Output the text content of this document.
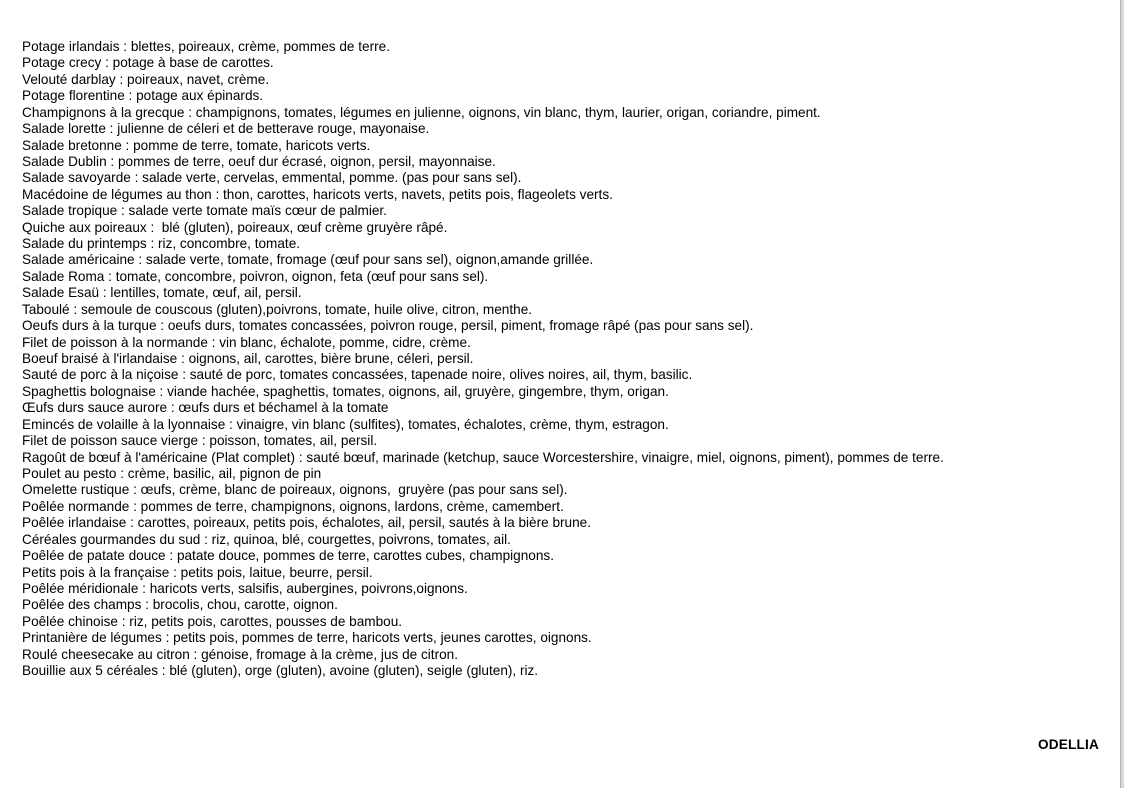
Potage irlandais : blettes, poireaux, crème, pommes de terre.
Potage crecy : potage à base de carottes.
Velouté darblay : poireaux, navet, crème.
Potage florentine : potage aux épinards.
Champignons à la grecque : champignons, tomates, légumes en julienne, oignons, vin blanc, thym, laurier, origan, coriandre, piment.
Salade lorette : julienne de céleri et de betterave rouge, mayonaise.
Salade bretonne : pomme de terre, tomate, haricots verts.
Salade Dublin : pommes de terre, oeuf dur écrasé, oignon, persil, mayonnaise.
Salade savoyarde : salade verte, cervelas, emmental, pomme. (pas pour sans sel).
Macédoine de légumes au thon : thon, carottes, haricots verts, navets, petits pois, flageolets verts.
Salade tropique : salade verte tomate maïs cœur de palmier.
Quiche aux poireaux :  blé (gluten), poireaux, œuf crème gruyère râpé.
Salade du printemps : riz, concombre, tomate.
Salade américaine : salade verte, tomate, fromage (œuf pour sans sel), oignon,amande grillée.
Salade Roma : tomate, concombre, poivron, oignon, feta (œuf pour sans sel).
Salade Esaü : lentilles, tomate, œuf, ail, persil.
Taboulé : semoule de couscous (gluten),poivrons, tomate, huile olive, citron, menthe.
Oeufs durs à la turque : oeufs durs, tomates concassées, poivron rouge, persil, piment, fromage râpé (pas pour sans sel).
Filet de poisson à la normande : vin blanc, échalote, pomme, cidre, crème.
Boeuf braisé à l'irlandaise : oignons, ail, carottes, bière brune, céleri, persil.
Sauté de porc à la niçoise : sauté de porc, tomates concassées, tapenade noire, olives noires, ail, thym, basilic.
Spaghettis bolognaise : viande hachée, spaghettis, tomates, oignons, ail, gruyère, gingembre, thym, origan.
Œufs durs sauce aurore : œufs durs et béchamel à la tomate
Emincés de volaille à la lyonnaise : vinaigre, vin blanc (sulfites), tomates, échalotes, crème, thym, estragon.
Filet de poisson sauce vierge : poisson, tomates, ail, persil.
Ragoût de bœuf à l'américaine (Plat complet) : sauté bœuf, marinade (ketchup, sauce Worcestershire, vinaigre, miel, oignons, piment), pommes de terre.
Poulet au pesto : crème, basilic, ail, pignon de pin
Omelette rustique : œufs, crème, blanc de poireaux, oignons,  gruyère (pas pour sans sel).
Poêlée normande : pommes de terre, champignons, oignons, lardons, crème, camembert.
Poêlée irlandaise : carottes, poireaux, petits pois, échalotes, ail, persil, sautés à la bière brune.
Céréales gourmandes du sud : riz, quinoa, blé, courgettes, poivrons, tomates, ail.
Poêlée de patate douce : patate douce, pommes de terre, carottes cubes, champignons.
Petits pois à la française : petits pois, laitue, beurre, persil.
Poêlée méridionale : haricots verts, salsifis, aubergines, poivrons,oignons.
Poêlée des champs : brocolis, chou, carotte, oignon.
Poêlée chinoise : riz, petits pois, carottes, pousses de bambou.
Printanière de légumes : petits pois, pommes de terre, haricots verts, jeunes carottes, oignons.
Roulé cheesecake au citron : génoise, fromage à la crème, jus de citron.
Bouillie aux 5 céréales : blé (gluten), orge (gluten), avoine (gluten), seigle (gluten), riz.
ODELLIA
